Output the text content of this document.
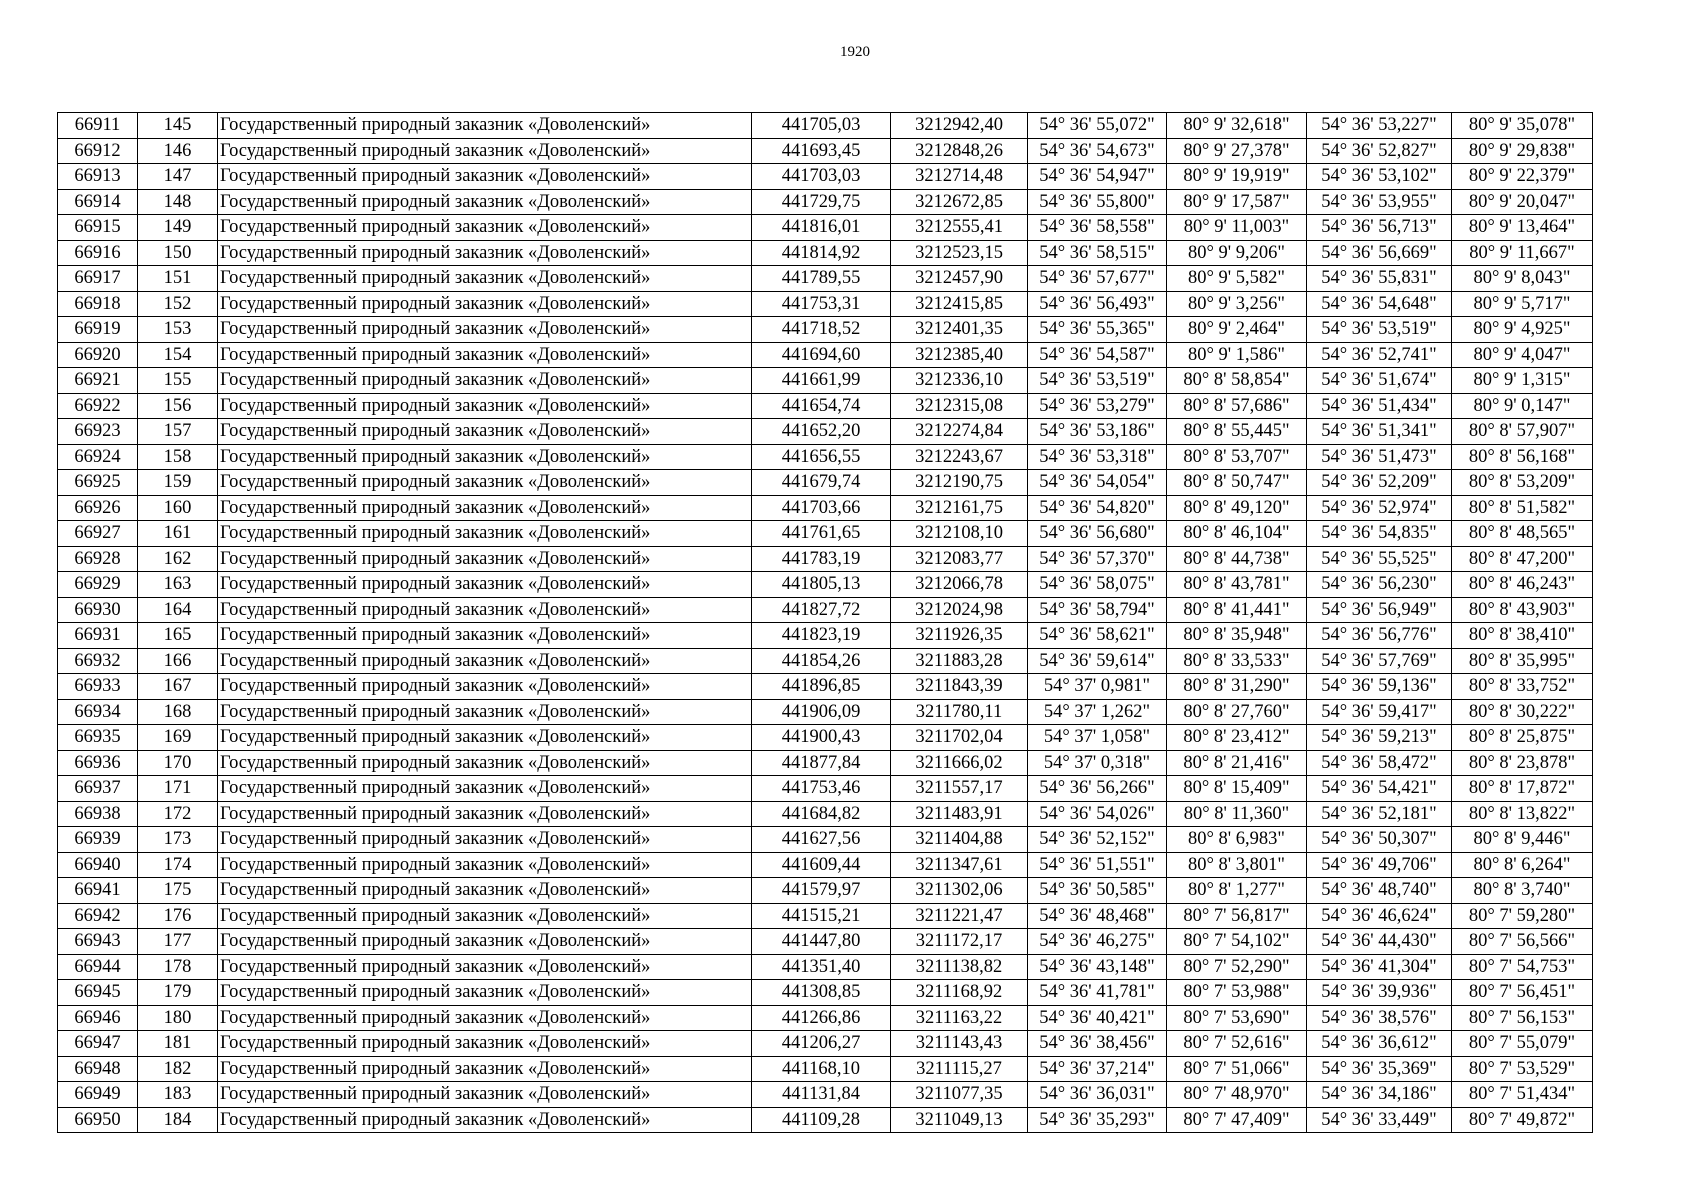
1920
66911	145	Государственный природный заказник «Доволенский»	441705,03	3212942,40	54° 36' 55,072"	80° 9' 32,618"	54° 36' 53,227"	80° 9' 35,078"
66912	146	Государственный природный заказник «Доволенский»	441693,45	3212848,26	54° 36' 54,673"	80° 9' 27,378"	54° 36' 52,827"	80° 9' 29,838"
66913	147	Государственный природный заказник «Доволенский»	441703,03	3212714,48	54° 36' 54,947"	80° 9' 19,919"	54° 36' 53,102"	80° 9' 22,379"
66914	148	Государственный природный заказник «Доволенский»	441729,75	3212672,85	54° 36' 55,800"	80° 9' 17,587"	54° 36' 53,955"	80° 9' 20,047"
66915	149	Государственный природный заказник «Доволенский»	441816,01	3212555,41	54° 36' 58,558"	80° 9' 11,003"	54° 36' 56,713"	80° 9' 13,464"
66916	150	Государственный природный заказник «Доволенский»	441814,92	3212523,15	54° 36' 58,515"	80° 9' 9,206"	54° 36' 56,669"	80° 9' 11,667"
66917	151	Государственный природный заказник «Доволенский»	441789,55	3212457,90	54° 36' 57,677"	80° 9' 5,582"	54° 36' 55,831"	80° 9' 8,043"
66918	152	Государственный природный заказник «Доволенский»	441753,31	3212415,85	54° 36' 56,493"	80° 9' 3,256"	54° 36' 54,648"	80° 9' 5,717"
66919	153	Государственный природный заказник «Доволенский»	441718,52	3212401,35	54° 36' 55,365"	80° 9' 2,464"	54° 36' 53,519"	80° 9' 4,925"
66920	154	Государственный природный заказник «Доволенский»	441694,60	3212385,40	54° 36' 54,587"	80° 9' 1,586"	54° 36' 52,741"	80° 9' 4,047"
66921	155	Государственный природный заказник «Доволенский»	441661,99	3212336,10	54° 36' 53,519"	80° 8' 58,854"	54° 36' 51,674"	80° 9' 1,315"
66922	156	Государственный природный заказник «Доволенский»	441654,74	3212315,08	54° 36' 53,279"	80° 8' 57,686"	54° 36' 51,434"	80° 9' 0,147"
66923	157	Государственный природный заказник «Доволенский»	441652,20	3212274,84	54° 36' 53,186"	80° 8' 55,445"	54° 36' 51,341"	80° 8' 57,907"
66924	158	Государственный природный заказник «Доволенский»	441656,55	3212243,67	54° 36' 53,318"	80° 8' 53,707"	54° 36' 51,473"	80° 8' 56,168"
66925	159	Государственный природный заказник «Доволенский»	441679,74	3212190,75	54° 36' 54,054"	80° 8' 50,747"	54° 36' 52,209"	80° 8' 53,209"
66926	160	Государственный природный заказник «Доволенский»	441703,66	3212161,75	54° 36' 54,820"	80° 8' 49,120"	54° 36' 52,974"	80° 8' 51,582"
66927	161	Государственный природный заказник «Доволенский»	441761,65	3212108,10	54° 36' 56,680"	80° 8' 46,104"	54° 36' 54,835"	80° 8' 48,565"
66928	162	Государственный природный заказник «Доволенский»	441783,19	3212083,77	54° 36' 57,370"	80° 8' 44,738"	54° 36' 55,525"	80° 8' 47,200"
66929	163	Государственный природный заказник «Доволенский»	441805,13	3212066,78	54° 36' 58,075"	80° 8' 43,781"	54° 36' 56,230"	80° 8' 46,243"
66930	164	Государственный природный заказник «Доволенский»	441827,72	3212024,98	54° 36' 58,794"	80° 8' 41,441"	54° 36' 56,949"	80° 8' 43,903"
66931	165	Государственный природный заказник «Доволенский»	441823,19	3211926,35	54° 36' 58,621"	80° 8' 35,948"	54° 36' 56,776"	80° 8' 38,410"
66932	166	Государственный природный заказник «Доволенский»	441854,26	3211883,28	54° 36' 59,614"	80° 8' 33,533"	54° 36' 57,769"	80° 8' 35,995"
66933	167	Государственный природный заказник «Доволенский»	441896,85	3211843,39	54° 37' 0,981"	80° 8' 31,290"	54° 36' 59,136"	80° 8' 33,752"
66934	168	Государственный природный заказник «Доволенский»	441906,09	3211780,11	54° 37' 1,262"	80° 8' 27,760"	54° 36' 59,417"	80° 8' 30,222"
66935	169	Государственный природный заказник «Доволенский»	441900,43	3211702,04	54° 37' 1,058"	80° 8' 23,412"	54° 36' 59,213"	80° 8' 25,875"
66936	170	Государственный природный заказник «Доволенский»	441877,84	3211666,02	54° 37' 0,318"	80° 8' 21,416"	54° 36' 58,472"	80° 8' 23,878"
66937	171	Государственный природный заказник «Доволенский»	441753,46	3211557,17	54° 36' 56,266"	80° 8' 15,409"	54° 36' 54,421"	80° 8' 17,872"
66938	172	Государственный природный заказник «Доволенский»	441684,82	3211483,91	54° 36' 54,026"	80° 8' 11,360"	54° 36' 52,181"	80° 8' 13,822"
66939	173	Государственный природный заказник «Доволенский»	441627,56	3211404,88	54° 36' 52,152"	80° 8' 6,983"	54° 36' 50,307"	80° 8' 9,446"
66940	174	Государственный природный заказник «Доволенский»	441609,44	3211347,61	54° 36' 51,551"	80° 8' 3,801"	54° 36' 49,706"	80° 8' 6,264"
66941	175	Государственный природный заказник «Доволенский»	441579,97	3211302,06	54° 36' 50,585"	80° 8' 1,277"	54° 36' 48,740"	80° 8' 3,740"
66942	176	Государственный природный заказник «Доволенский»	441515,21	3211221,47	54° 36' 48,468"	80° 7' 56,817"	54° 36' 46,624"	80° 7' 59,280"
66943	177	Государственный природный заказник «Доволенский»	441447,80	3211172,17	54° 36' 46,275"	80° 7' 54,102"	54° 36' 44,430"	80° 7' 56,566"
66944	178	Государственный природный заказник «Доволенский»	441351,40	3211138,82	54° 36' 43,148"	80° 7' 52,290"	54° 36' 41,304"	80° 7' 54,753"
66945	179	Государственный природный заказник «Доволенский»	441308,85	3211168,92	54° 36' 41,781"	80° 7' 53,988"	54° 36' 39,936"	80° 7' 56,451"
66946	180	Государственный природный заказник «Доволенский»	441266,86	3211163,22	54° 36' 40,421"	80° 7' 53,690"	54° 36' 38,576"	80° 7' 56,153"
66947	181	Государственный природный заказник «Доволенский»	441206,27	3211143,43	54° 36' 38,456"	80° 7' 52,616"	54° 36' 36,612"	80° 7' 55,079"
66948	182	Государственный природный заказник «Доволенский»	441168,10	3211115,27	54° 36' 37,214"	80° 7' 51,066"	54° 36' 35,369"	80° 7' 53,529"
66949	183	Государственный природный заказник «Доволенский»	441131,84	3211077,35	54° 36' 36,031"	80° 7' 48,970"	54° 36' 34,186"	80° 7' 51,434"
66950	184	Государственный природный заказник «Доволенский»	441109,28	3211049,13	54° 36' 35,293"	80° 7' 47,409"	54° 36' 33,449"	80° 7' 49,872"
